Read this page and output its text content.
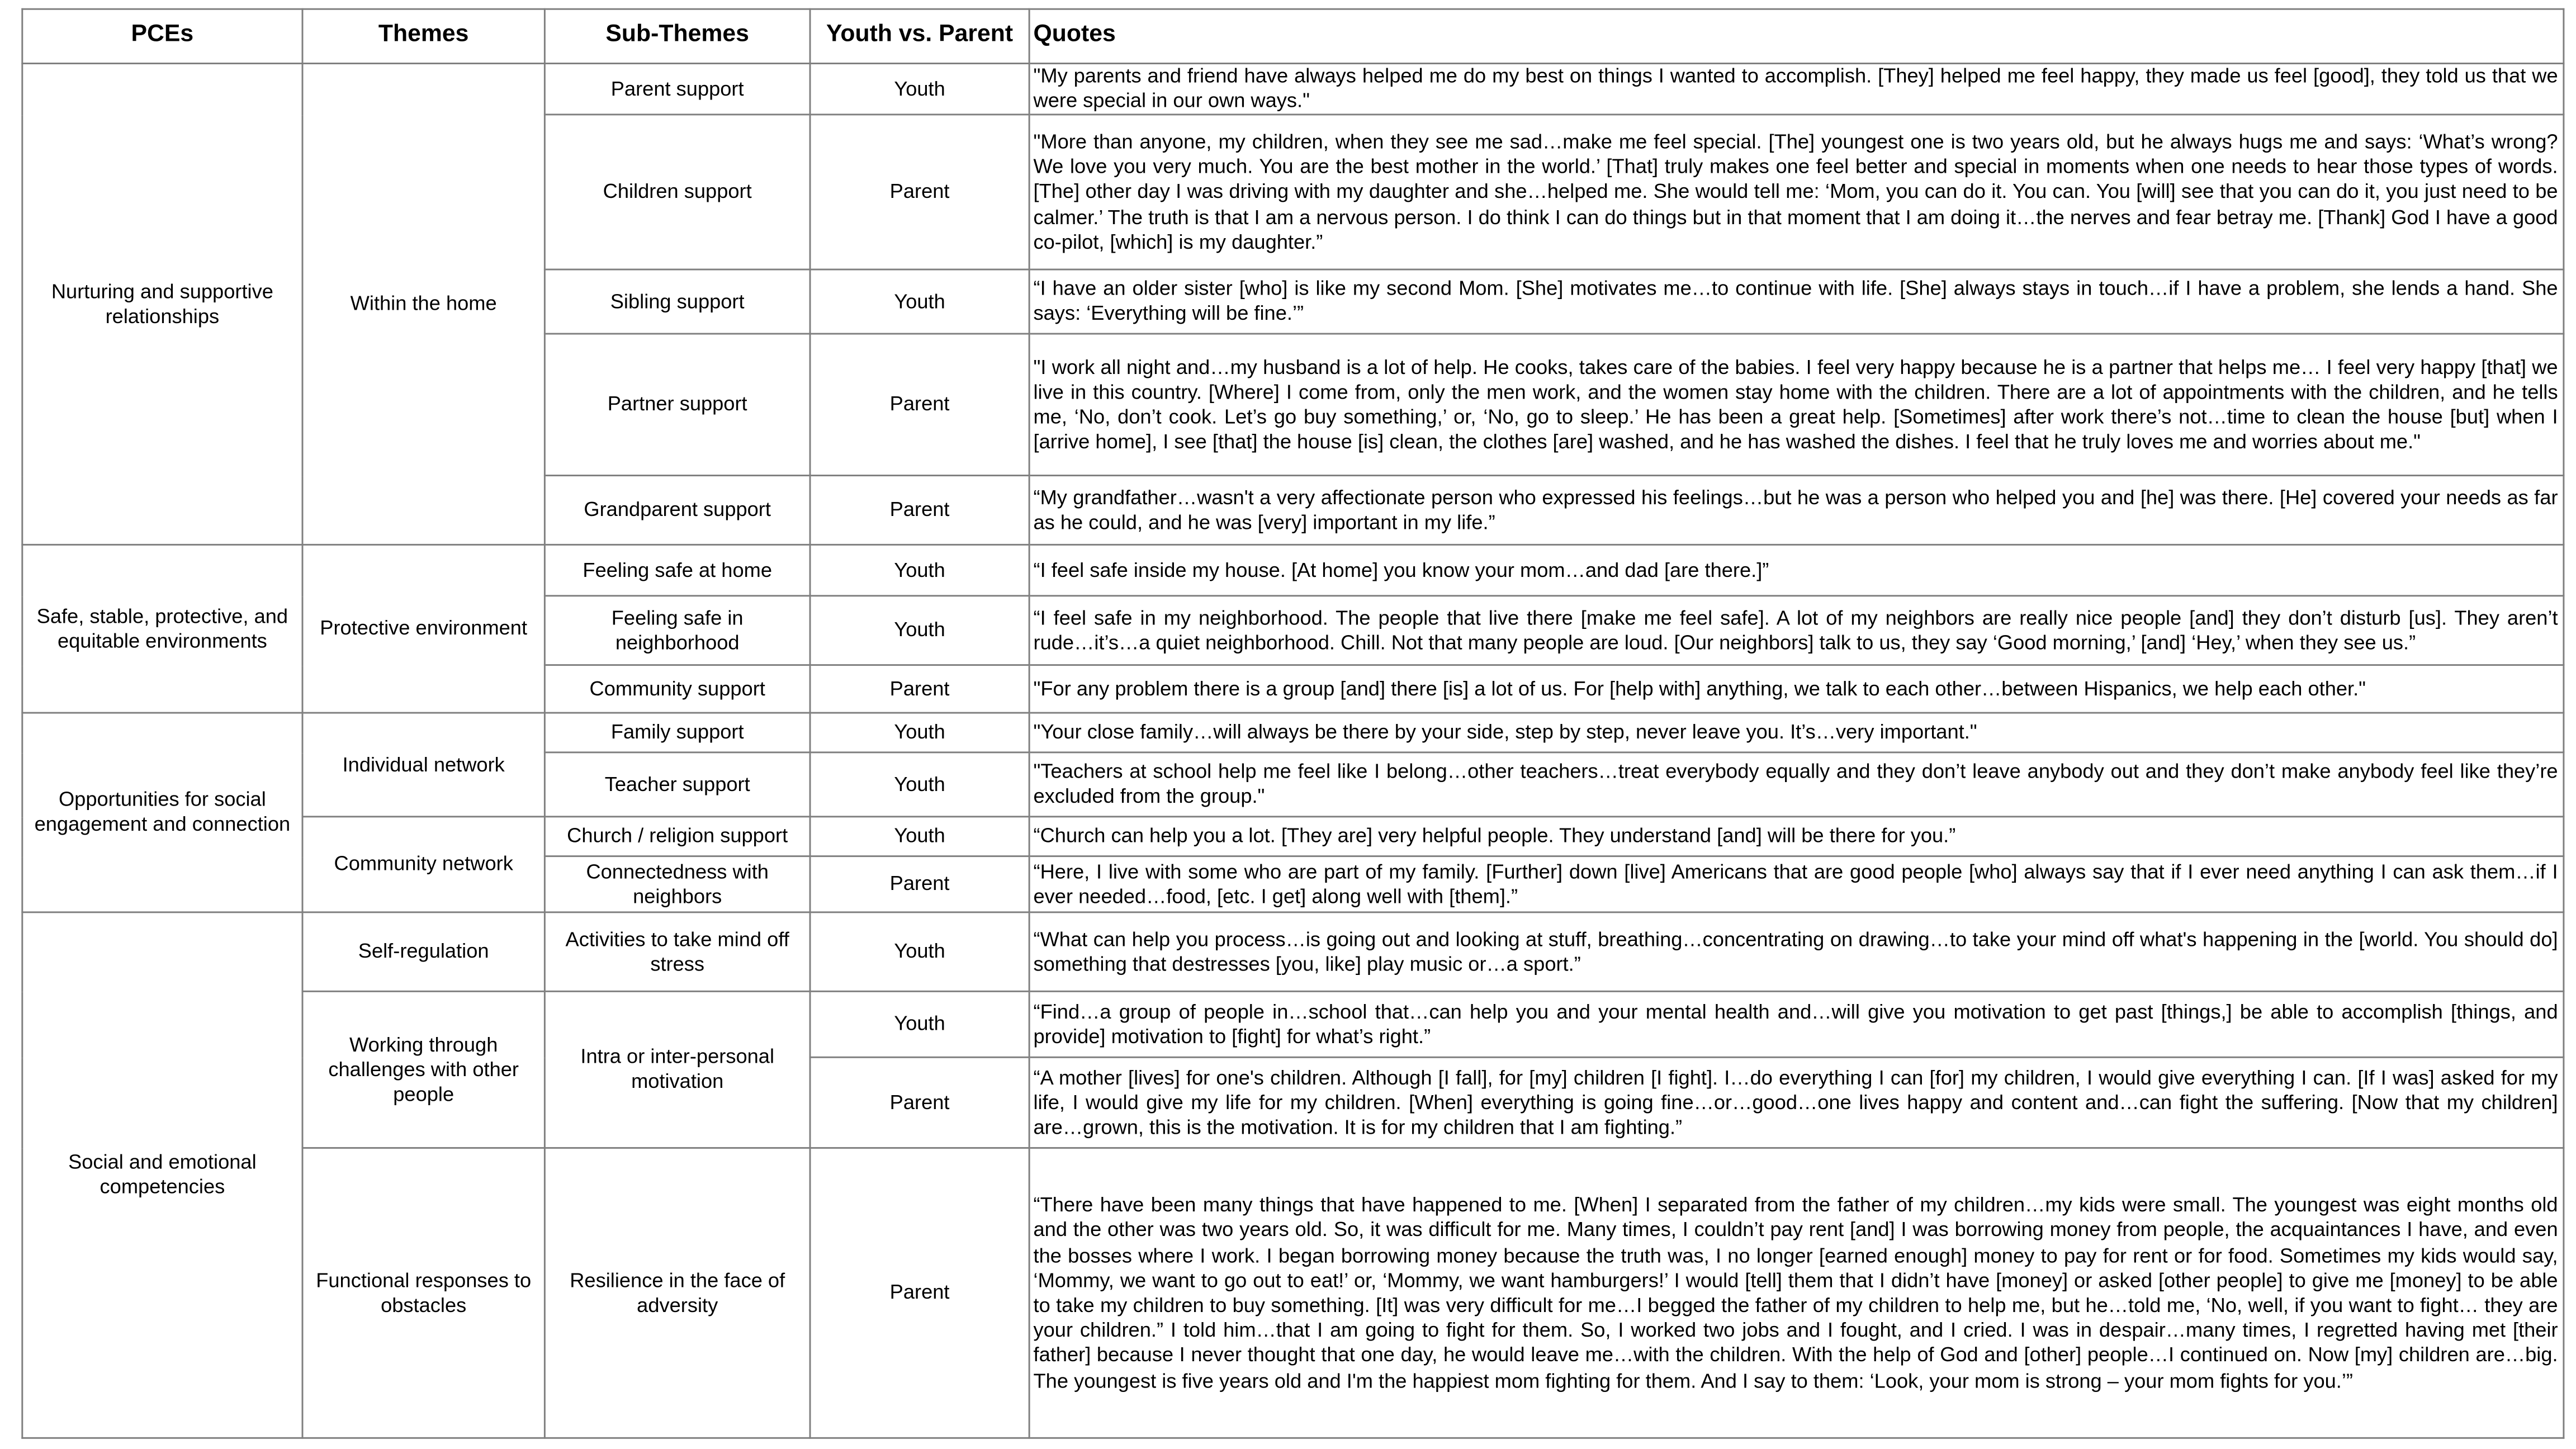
PCEs	Themes	Sub-Themes	Youth vs. Parent	Quotes
Nurturing and supportive relationships	Within the home	Parent support	Youth	"My parents and friend have always helped me do my best on things I wanted to accomplish. [They] helped me feel happy, they made us feel [good], they told us that we were special in our own ways."
		Children support	Parent	"More than anyone, my children, when they see me sad…make me feel special. [The] youngest one is two years old, but he always hugs me and says: ‘What’s wrong? We love you very much. You are the best mother in the world.’ [That] truly makes one feel better and special in moments when one needs to hear those types of words. [The] other day I was driving with my daughter and she…helped me. She would tell me: ‘Mom, you can do it. You can. You [will] see that you can do it, you just need to be calmer.’ The truth is that I am a nervous person. I do think I can do things but in that moment that I am doing it…the nerves and fear betray me. [Thank] God I have a good co-pilot, [which] is my daughter.”
		Sibling support	Youth	“I have an older sister [who] is like my second Mom. [She] motivates me…to continue with life. [She] always stays in touch…if I have a problem, she lends a hand. She says: ‘Everything will be fine.’”
		Partner support	Parent	"I work all night and…my husband is a lot of help. He cooks, takes care of the babies. I feel very happy because he is a partner that helps me… I feel very happy [that] we live in this country. [Where] I come from, only the men work, and the women stay home with the children. There are a lot of appointments with the children, and he tells me, ‘No, don’t cook. Let’s go buy something,’ or, ‘No, go to sleep.’ He has been a great help. [Sometimes] after work there’s not…time to clean the house [but] when I [arrive home], I see [that] the house [is] clean, the clothes [are] washed, and he has washed the dishes. I feel that he truly loves me and worries about me."
		Grandparent support	Parent	“My grandfather…wasn't a very affectionate person who expressed his feelings…but he was a person who helped you and [he] was there. [He] covered your needs as far as he could, and he was [very] important in my life.”
Safe, stable, protective, and equitable environments	Protective environment	Feeling safe at home	Youth	“I feel safe inside my house. [At home] you know your mom…and dad [are there.]”
		Feeling safe in neighborhood	Youth	“I feel safe in my neighborhood. The people that live there [make me feel safe]. A lot of my neighbors are really nice people [and] they don’t disturb [us]. They aren’t rude…it’s…a quiet neighborhood. Chill. Not that many people are loud. [Our neighbors] talk to us, they say ‘Good morning,’ [and] ‘Hey,’ when they see us.”
		Community support	Parent	"For any problem there is a group [and] there [is] a lot of us. For [help with] anything, we talk to each other…between Hispanics, we help each other."
Opportunities for social engagement and connection	Individual network	Family support	Youth	"Your close family…will always be there by your side, step by step, never leave you. It’s…very important."
		Teacher support	Youth	"Teachers at school help me feel like I belong…other teachers…treat everybody equally and they don’t leave anybody out and they don’t make anybody feel like they’re excluded from the group."
	Community network	Church / religion support	Youth	“Church can help you a lot. [They are] very helpful people. They understand [and] will be there for you.”
		Connectedness with neighbors	Parent	“Here, I live with some who are part of my family. [Further] down [live] Americans that are good people [who] always say that if I ever need anything I can ask them…if I ever needed…food, [etc. I get] along well with [them].”
Social and emotional competencies	Self-regulation	Activities to take mind off stress	Youth	“What can help you process…is going out and looking at stuff, breathing…concentrating on drawing…to take your mind off what's happening in the [world. You should do] something that destresses [you, like] play music or…a sport.”
	Working through challenges with other people	Intra or inter-personal motivation	Youth	“Find…a group of people in…school that…can help you and your mental health and…will give you motivation to get past [things,] be able to accomplish [things, and provide] motivation to [fight] for what’s right.”
			Parent	“A mother [lives] for one's children. Although [I fall], for [my] children [I fight]. I…do everything I can [for] my children, I would give everything I can. [If I was] asked for my life, I would give my life for my children. [When] everything is going fine…or…good…one lives happy and content and…can fight the suffering. [Now that my children] are…grown, this is the motivation. It is for my children that I am fighting.”
	Functional responses to obstacles	Resilience in the face of adversity	Parent	“There have been many things that have happened to me. [When] I separated from the father of my children…my kids were small. The youngest was eight months old and the other was two years old. So, it was difficult for me. Many times, I couldn’t pay rent [and] I was borrowing money from people, the acquaintances I have, and even the bosses where I work. I began borrowing money because the truth was, I no longer [earned enough] money to pay for rent or for food. Sometimes my kids would say, ‘Mommy, we want to go out to eat!’ or, ‘Mommy, we want hamburgers!’ I would [tell] them that I didn’t have [money] or asked [other people] to give me [money] to be able to take my children to buy something. [It] was very difficult for me…I begged the father of my children to help me, but he…told me, ‘No, well, if you want to fight… they are your children.” I told him…that I am going to fight for them. So, I worked two jobs and I fought, and I cried. I was in despair…many times, I regretted having met [their father] because I never thought that one day, he would leave me…with the children. With the help of God and [other] people…I continued on. Now [my] children are…big. The youngest is five years old and I'm the happiest mom fighting for them. And I say to them: ‘Look, your mom is strong – your mom fights for you.’”
